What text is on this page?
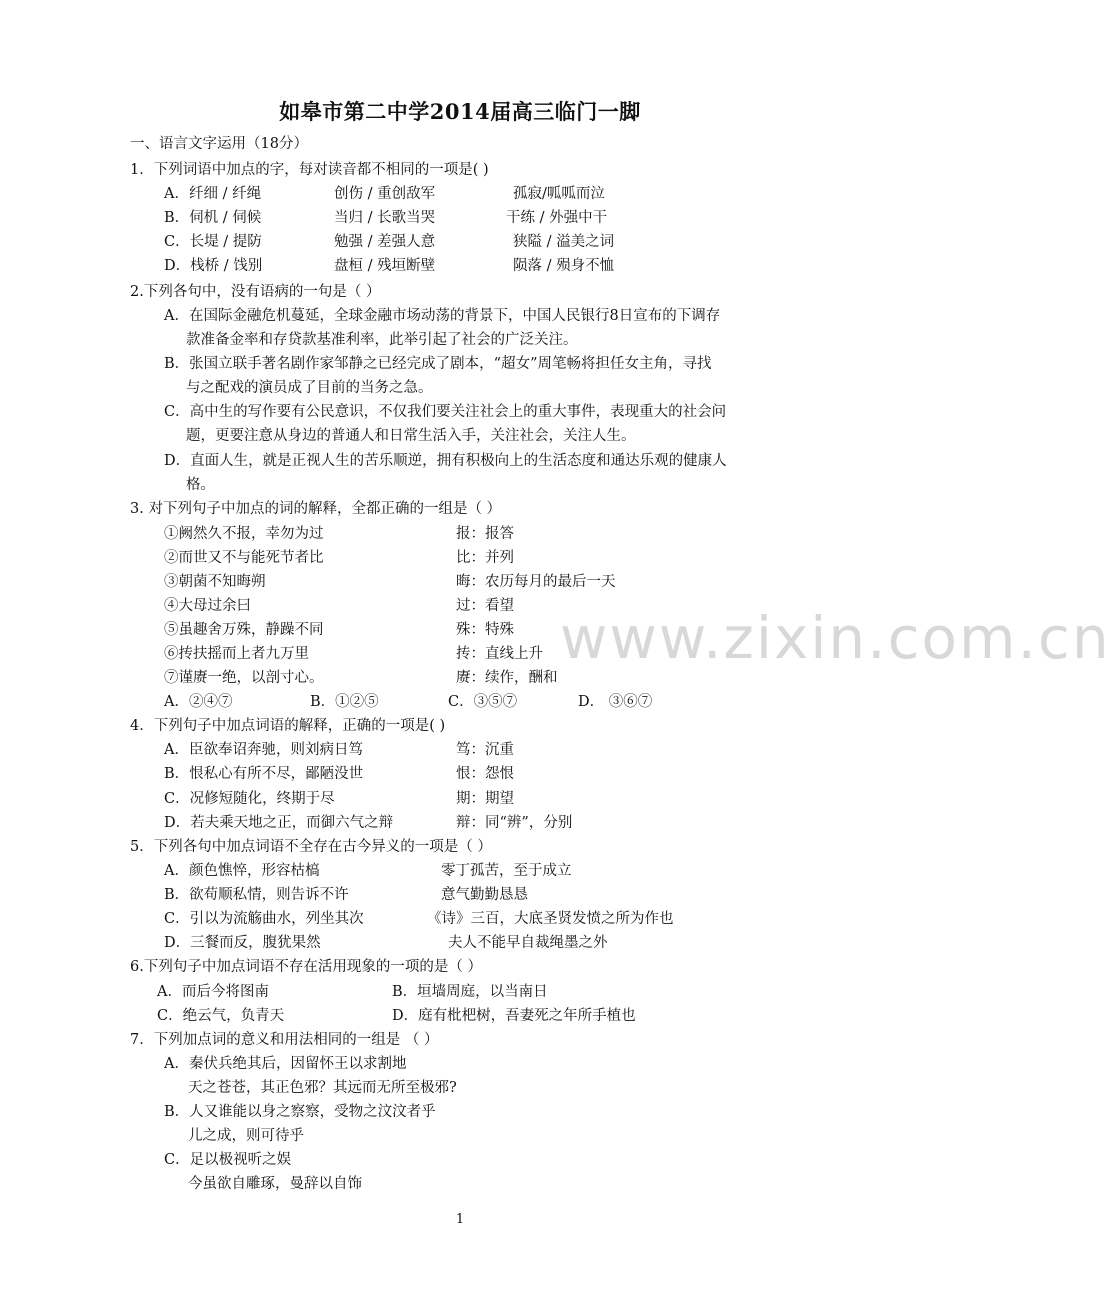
www.zixin.com.cn
如皋市第二中学2014届高三临门一脚
一、语言文字运用（18分）
1．下列词语中加点的字，每对读音都不相同的一项是( )
A．纤细 / 纤绳	创伤 / 重创敌军	孤寂/呱呱而泣
B．伺机 / 伺候	当归 / 长歌当哭	干练 / 外强中干
C．长堤 / 提防	勉强 / 差强人意	狭隘 / 溢美之词
D．栈桥 / 饯别	盘桓 / 残垣断壁	陨落 / 殒身不恤
2.下列各句中，没有语病的一句是（ ）
A．在国际金融危机蔓延，全球金融市场动荡的背景下，中国人民银行8日宣布的下调存
款准备金率和存贷款基准利率，此举引起了社会的广泛关注。
B．张国立联手著名剧作家邹静之已经完成了剧本，“超女”周笔畅将担任女主角，寻找
与之配戏的演员成了目前的当务之急。
C．高中生的写作要有公民意识，不仅我们要关注社会上的重大事件，表现重大的社会问
题，更要注意从身边的普通人和日常生活入手，关注社会，关注人生。
D．直面人生，就是正视人生的苦乐顺逆，拥有积极向上的生活态度和通达乐观的健康人
格。
3. 对下列句子中加点的词的解释，全都正确的一组是（ ）
①阙然久不报，幸勿为过	报：报答
②而世又不与能死节者比	比：并列
③朝菌不知晦朔	晦：农历每月的最后一天
④大母过余曰	过：看望
⑤虽趣舍万殊，静躁不同	殊：特殊
⑥抟扶摇而上者九万里	抟：直线上升
⑦谨赓一绝，以剖寸心。	赓：续作，酬和
A．②④⑦	B．①②⑤	C．③⑤⑦	D． ③⑥⑦
4．下列句子中加点词语的解释，正确的一项是( )
A．臣欲奉诏奔驰，则刘病日笃	笃：沉重
B．恨私心有所不尽，鄙陋没世	恨：怨恨
C．况修短随化，终期于尽	期：期望
D．若夫乘天地之正，而御六气之辩	辩：同“辨”，分别
5．下列各句中加点词语不全存在古今异义的一项是（ ）
A．颜色憔悴，形容枯槁	零丁孤苦，至于成立
B．欲苟顺私情，则告诉不许	意气勤勤恳恳
C．引以为流觞曲水，列坐其次	《诗》三百，大底圣贤发愤之所为作也
D．三餐而反，腹犹果然	夫人不能早自裁绳墨之外
6.下列句子中加点词语不存在活用现象的一项的是（ ）
A．而后今将图南	B．垣墙周庭，以当南日
C．绝云气，负青天	D．庭有枇杷树，吾妻死之年所手植也
7．下列加点词的意义和用法相同的一组是 （ ）
A．秦伏兵绝其后，因留怀王以求割地
天之苍苍，其正色邪？其远而无所至极邪?
B．人又谁能以身之察察，受物之汶汶者乎
儿之成，则可待乎
C．足以极视听之娱
今虽欲自雕琢，曼辞以自饰
1
